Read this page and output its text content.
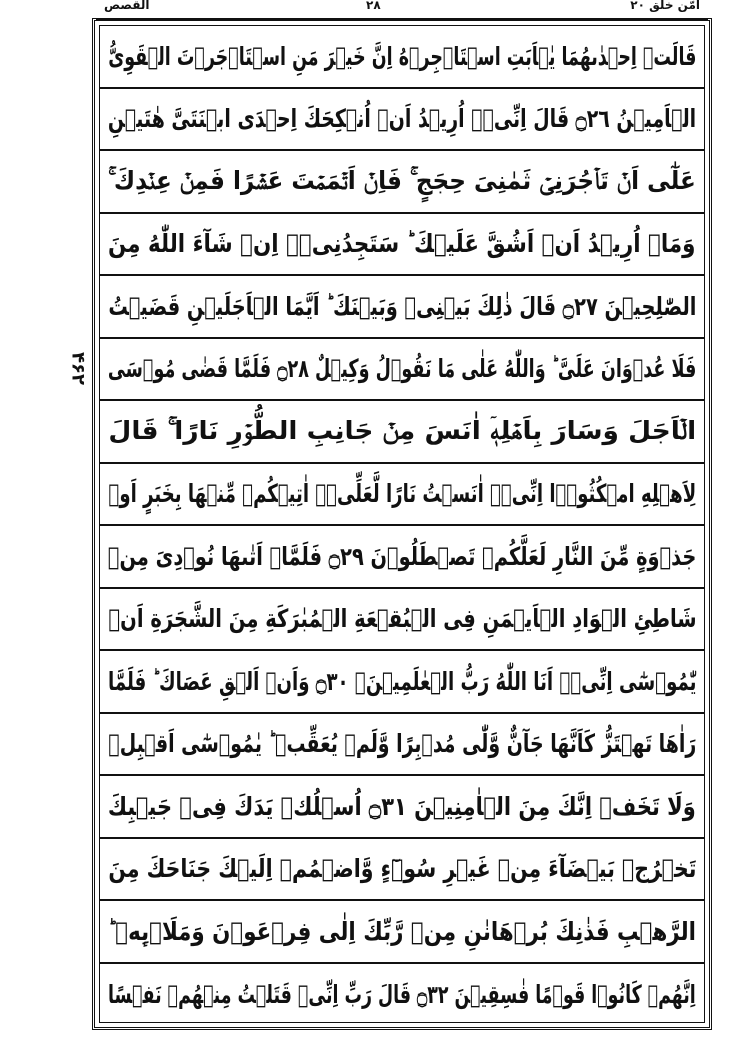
امّن خلق ۲۰
۲۸
القصص
۴۶۲
قَالَتۡ اِحۡدٰىهُمَا يٰۤاَبَتِ اسۡتَاۡجِرۡهُ‌ اِنَّ خَيۡرَ مَنِ اسۡتَاۡجَرۡتَ الۡقَوِىُّ
الۡاَمِيۡنُ‏ ۝٢٦ قَالَ اِنِّىۡۤ اُرِيۡدُ اَنۡ اُنۡكِحَكَ اِحۡدَى ابۡنَتَىَّ هٰتَيۡنِ
عَلٰٓى اَنۡ تَاۡجُرَنِىۡ ثَمٰنِىَ حِجَجٍ‌ ۚ فَاِنۡ اَتۡمَمۡتَ عَشۡرًا فَمِنۡ عِنۡدِكَ‌ ۚ
وَمَاۤ اُرِيۡدُ اَنۡ اَشُقَّ عَلَيۡكَ‌ ؕ سَتَجِدُنِىۡۤ اِنۡ شَآءَ اللّٰهُ مِنَ
الصّٰلِحِيۡنَ‏ ۝٢٧ قَالَ ذٰلِكَ بَيۡنِىۡ وَبَيۡنَكَ‌ ؕ اَيَّمَا الۡاَجَلَيۡنِ قَضَيۡتُ
فَلَا عُدۡوَانَ عَلَىَّ‌ ؕ وَاللّٰهُ عَلٰى مَا نَقُوۡلُ وَكِيۡلٌ ۝٢٨ فَلَمَّا قَضٰى مُوۡسَى
الۡاَجَلَ وَسَارَ بِاَهۡلِهٖۤ اٰنَسَ مِنۡ جَانِبِ الطُّوۡرِ نَارًا‌ ۚ قَالَ
لِاَهۡلِهِ امۡكُثُوۡۤا اِنِّىۡۤ اٰنَسۡتُ نَارًا لَّعَلِّىۡۤ اٰتِيۡكُمۡ مِّنۡهَا بِخَبَرٍ اَوۡ
جَذۡوَةٍ مِّنَ النَّارِ لَعَلَّكُمۡ تَصۡطَلُوۡنَ‏ ۝٢٩ فَلَمَّاۤ اَتٰٮهَا نُوۡدِىَ مِنۡ
شَاطِئِ الۡوَادِ الۡاَيۡمَنِ فِى الۡبُقۡعَةِ الۡمُبٰرَكَةِ مِنَ الشَّجَرَةِ اَنۡ
يّٰمُوۡسٰٓى اِنِّىۡۤ اَنَا اللّٰهُ رَبُّ الۡعٰلَمِيۡنَۙ‏ ۝٣٠ وَاَنۡ اَلۡقِ عَصَاكَ‌ ؕ فَلَمَّا
رَاٰهَا تَهۡتَزُّ كَاَنَّهَا جَآنٌّ وَّلّٰى مُدۡبِرًا وَّلَمۡ يُعَقِّبۡ‌ ؕ يٰمُوۡسٰٓى اَقۡبِلۡ
وَلَا تَخَفۡ‌ اِنَّكَ مِنَ الۡاٰمِنِيۡنَ‏ ۝٣١ اُسۡلُكۡ يَدَكَ فِىۡ جَيۡبِكَ
تَخۡرُجۡ بَيۡضَآءَ مِنۡ غَيۡرِ سُوۡٓءٍ وَّاضۡمُمۡ اِلَيۡكَ جَنَاحَكَ مِنَ
الرَّهۡبِ فَذٰنِكَ بُرۡهَانٰنِ مِنۡ رَّبِّكَ اِلٰى فِرۡعَوۡنَ وَمَلَا۟ٮِٕهٖ ؕ
اِنَّهُمۡ كَانُوۡا قَوۡمًا فٰسِقِيۡنَ‏ ۝٣٢ قَالَ رَبِّ اِنِّىۡ قَتَلۡتُ مِنۡهُمۡ نَفۡسًا
